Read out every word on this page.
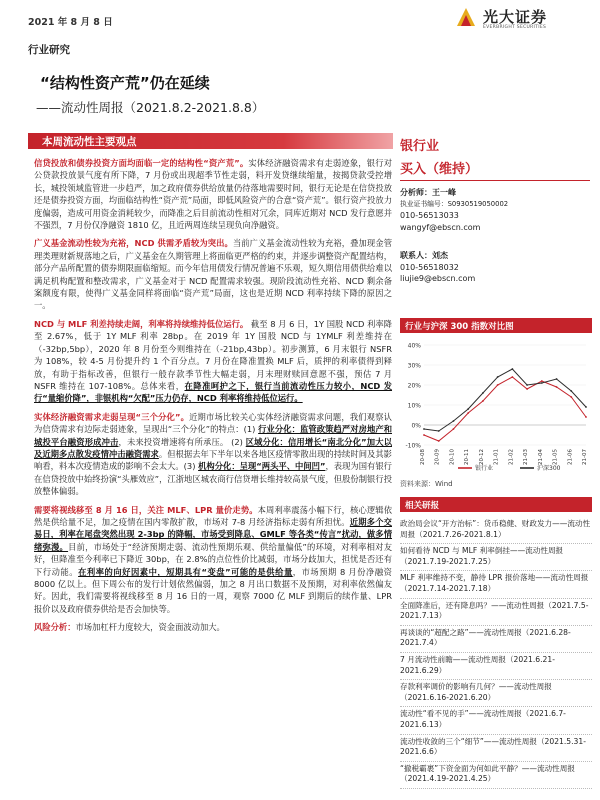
2021 年 8 月 8 日	光大证券
EVERBRIGHT SECURITIES
行业研究
“结构性资产荒”仍在延续
——流动性周报（2021.8.2-2021.8.8）
本周流动性主要观点

信贷投放和债券投资方面均面临一定的结构性“资产荒”。实体经济融资需求有走弱迹象，银行对公贷款投放景气度有所下降，7 月份或出现超季节性走弱，料开发贷继续缩量，按揭贷款受控增长，城投领域监管进一步趋严，加之政府债券供给放量仍待落地需要时间，银行无论是在信贷投放还是债券投资方面，均面临结构性“资产荒”局面，即低风险资产的合意“资产荒”。银行资产投放力度偏弱，造成可用资金消耗较少，而降准之后目前流动性相对冗余，同库近期对 NCD 发行意愿并不强烈，7 月份仅净融资 1810 亿，且近两周连续呈现负向净融资。

广义基金流动性较为充裕，NCD 供需矛盾较为突出。当前广义基金流动性较为充裕，叠加现金管理类理财新规落地之后，广义基金在久期管理上将面临更严格的约束，并逐步调整资产配置结构，部分产品所配置的债券期限面临缩短。而今年信用债发行情况普遍不乐观，短久期信用债供给难以满足机构配置和整改需求，广义基金对于 NCD 配置需求较强。现阶段流动性充裕、NCD 剩余备案额度有限，使得广义基金同样将面临“资产荒”局面，这也是近期 NCD 利率持续下降的原因之一。

NCD 与 MLF 利差持续走阔，利率将持续维持低位运行。 截至 8 月 6 日，1Y 国股 NCD 利率降至 2.67%，低于 1Y MLF 利率 28bp。在 2019 年 1Y 国股 NCD 与 1YMLF 利差维持在（-32bp,5bp），2020 年 8 月份至今则维持在（-21bp,43bp）。初步测算，6 月末银行 NSFR 为 108%，较 4-5 月份提升约 1 个百分点。7 月份在降准置换 MLF 后，质押的利率债得到释放，有助于指标改善，但银行一般存款季节性大幅走弱，月末理财赎回意愿不强，预估 7 月 NSFR 维持在 107-108%。总体来看，在降准呵护之下，银行当前流动性压力较小，NCD 发行“量缩价降”，非银机构“欠配”压力仍存，NCD 利率将维持低位运行。

实体经济融资需求走弱呈现“三个分化”。近期市场比较关心实体经济融资需求问题，我们观察认为信贷需求有边际走弱迹象，呈现出“三个分化”的特点：(1) 行业分化：监管政策趋严对房地产和城投平台融资形成冲击，未来投资增速将有所承压。 (2) 区域分化：信用增长“南北分化”加大以及近期多点散发疫情冲击融资需求。但根据去年下半年以来各地区疫情零散出现的持续时间及其影响看，料本次疫情造成的影响不会太大。(3) 机构分化：呈现“两头平、中间凹”，表现为国有银行在信贷投放中始终扮演“头雁效应”，江浙地区城农商行信贷增长维持较高景气度，但股份制银行投放整体偏弱。

需要将视线移至 8 月 16 日，关注 MLF、LPR 量价走势。本周利率震荡小幅下行，核心逻辑依然是供给量不足，加之疫情在国内零散扩散，市场对 7-8 月经济指标走弱有所担忧。近期多个交易日，利率在尾盘突然出现 2-3bp 的降幅，市场受到降息、GMLF 等各类“传言”扰动，做多情绪弥漫。目前，市场处于“经济预期走弱、流动性预期乐观、供给量偏低”的环境，对利率相对友好，但降准至今利率已下降近 30bp，在 2.8%的点位性价比减弱，市场分歧加大，担忧是否还有下行动能。在利率的向好因素中，短期具有“变盘”可能的是供给量，市场预期 8 月份净融资 8000 亿以上。但下周公布的发行计划依然偏弱，加之 8 月出口数据不及预期，对利率依然偏友好。因此，我们需要将视线移至 8 月 16 日的一周，观察 7000 亿 MLF 到期后的续作量、LPR 报价以及政府债券供给是否会加快等。

风险分析：市场加杠杆力度较大，资金面波动加大。

银行业
买入（维持）
分析师：王一峰
执业证书编号：S0930519050002
010-56513033
wangyf@ebscn.com
联系人：刘杰
010-56518032
liujie9@ebscn.com
行业与沪深 300 指数对比图
40%
30%
20%
10%
0%
-10%
20-08 20-09 20-10 20-11 20-12 21-01 21-02 21-03 21-04 21-05 21-06 21-07
银行业	沪深300
资料来源：Wind
相关研报
政治局会议“开方治标”：货币稳健、财政发力——流动性周报（2021.7.26-2021.8.1）
如何看待 NCD 与 MLF 利率倒挂——流动性周报（2021.7.19-2021.7.25）
MLF 利率维持不变，静待 LPR 报价落地——流动性周报（2021.7.14-2021.7.18）
全面降准后，还有降息吗？——流动性周报（2021.7.5-2021.7.13）
再谈谈的“超配之路”——流动性周报（2021.6.28-2021.7.4）
7 月流动性前瞻——流动性周报（2021.6.21-2021.6.29）
存款利率调价的影响有几何？——流动性周报（2021.6.16-2021.6.20）
流动性“看不见的手”——流动性周报（2021.6.7-2021.6.13）
流动性收敛的三个“细节”——流动性周报（2021.5.31-2021.6.6）
“撤税霸裹”下资金面为何如此平静？——流动性周报（2021.4.19-2021.4.25）
